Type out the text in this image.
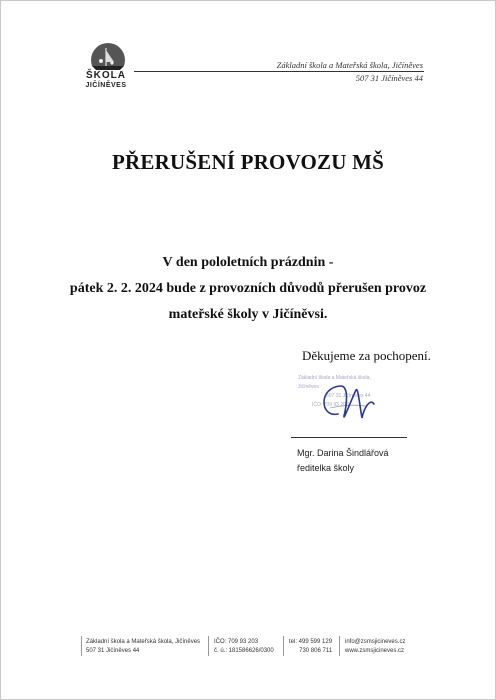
ŠKOLA
JIČÍNĚVES
Základní škola a Mateřská škola, Jičíněves
507 31 Jičíněves 44
PŘERUŠENÍ PROVOZU MŠ
V den pololetních prázdnin -
pátek 2. 2. 2024 bude z provozních důvodů přerušen provoz
mateřské školy v Jičíněvsi.
Děkujeme za pochopení.
Základní škola a Mateřská škola, Jičíněves
507 31 Jičíněves 44
IČO: 709 93 203
Mgr. Darina Šindlářová
ředitelka školy
Základní škola a Mateřská škola, Jičíněves
507 31 Jičíněves 44
IČO: 709 93 203
č. ú.: 181586626/0300
tel: 499 599 129
730 806 711
info@zsmsjicineves.cz
www.zsmsjicineves.cz
